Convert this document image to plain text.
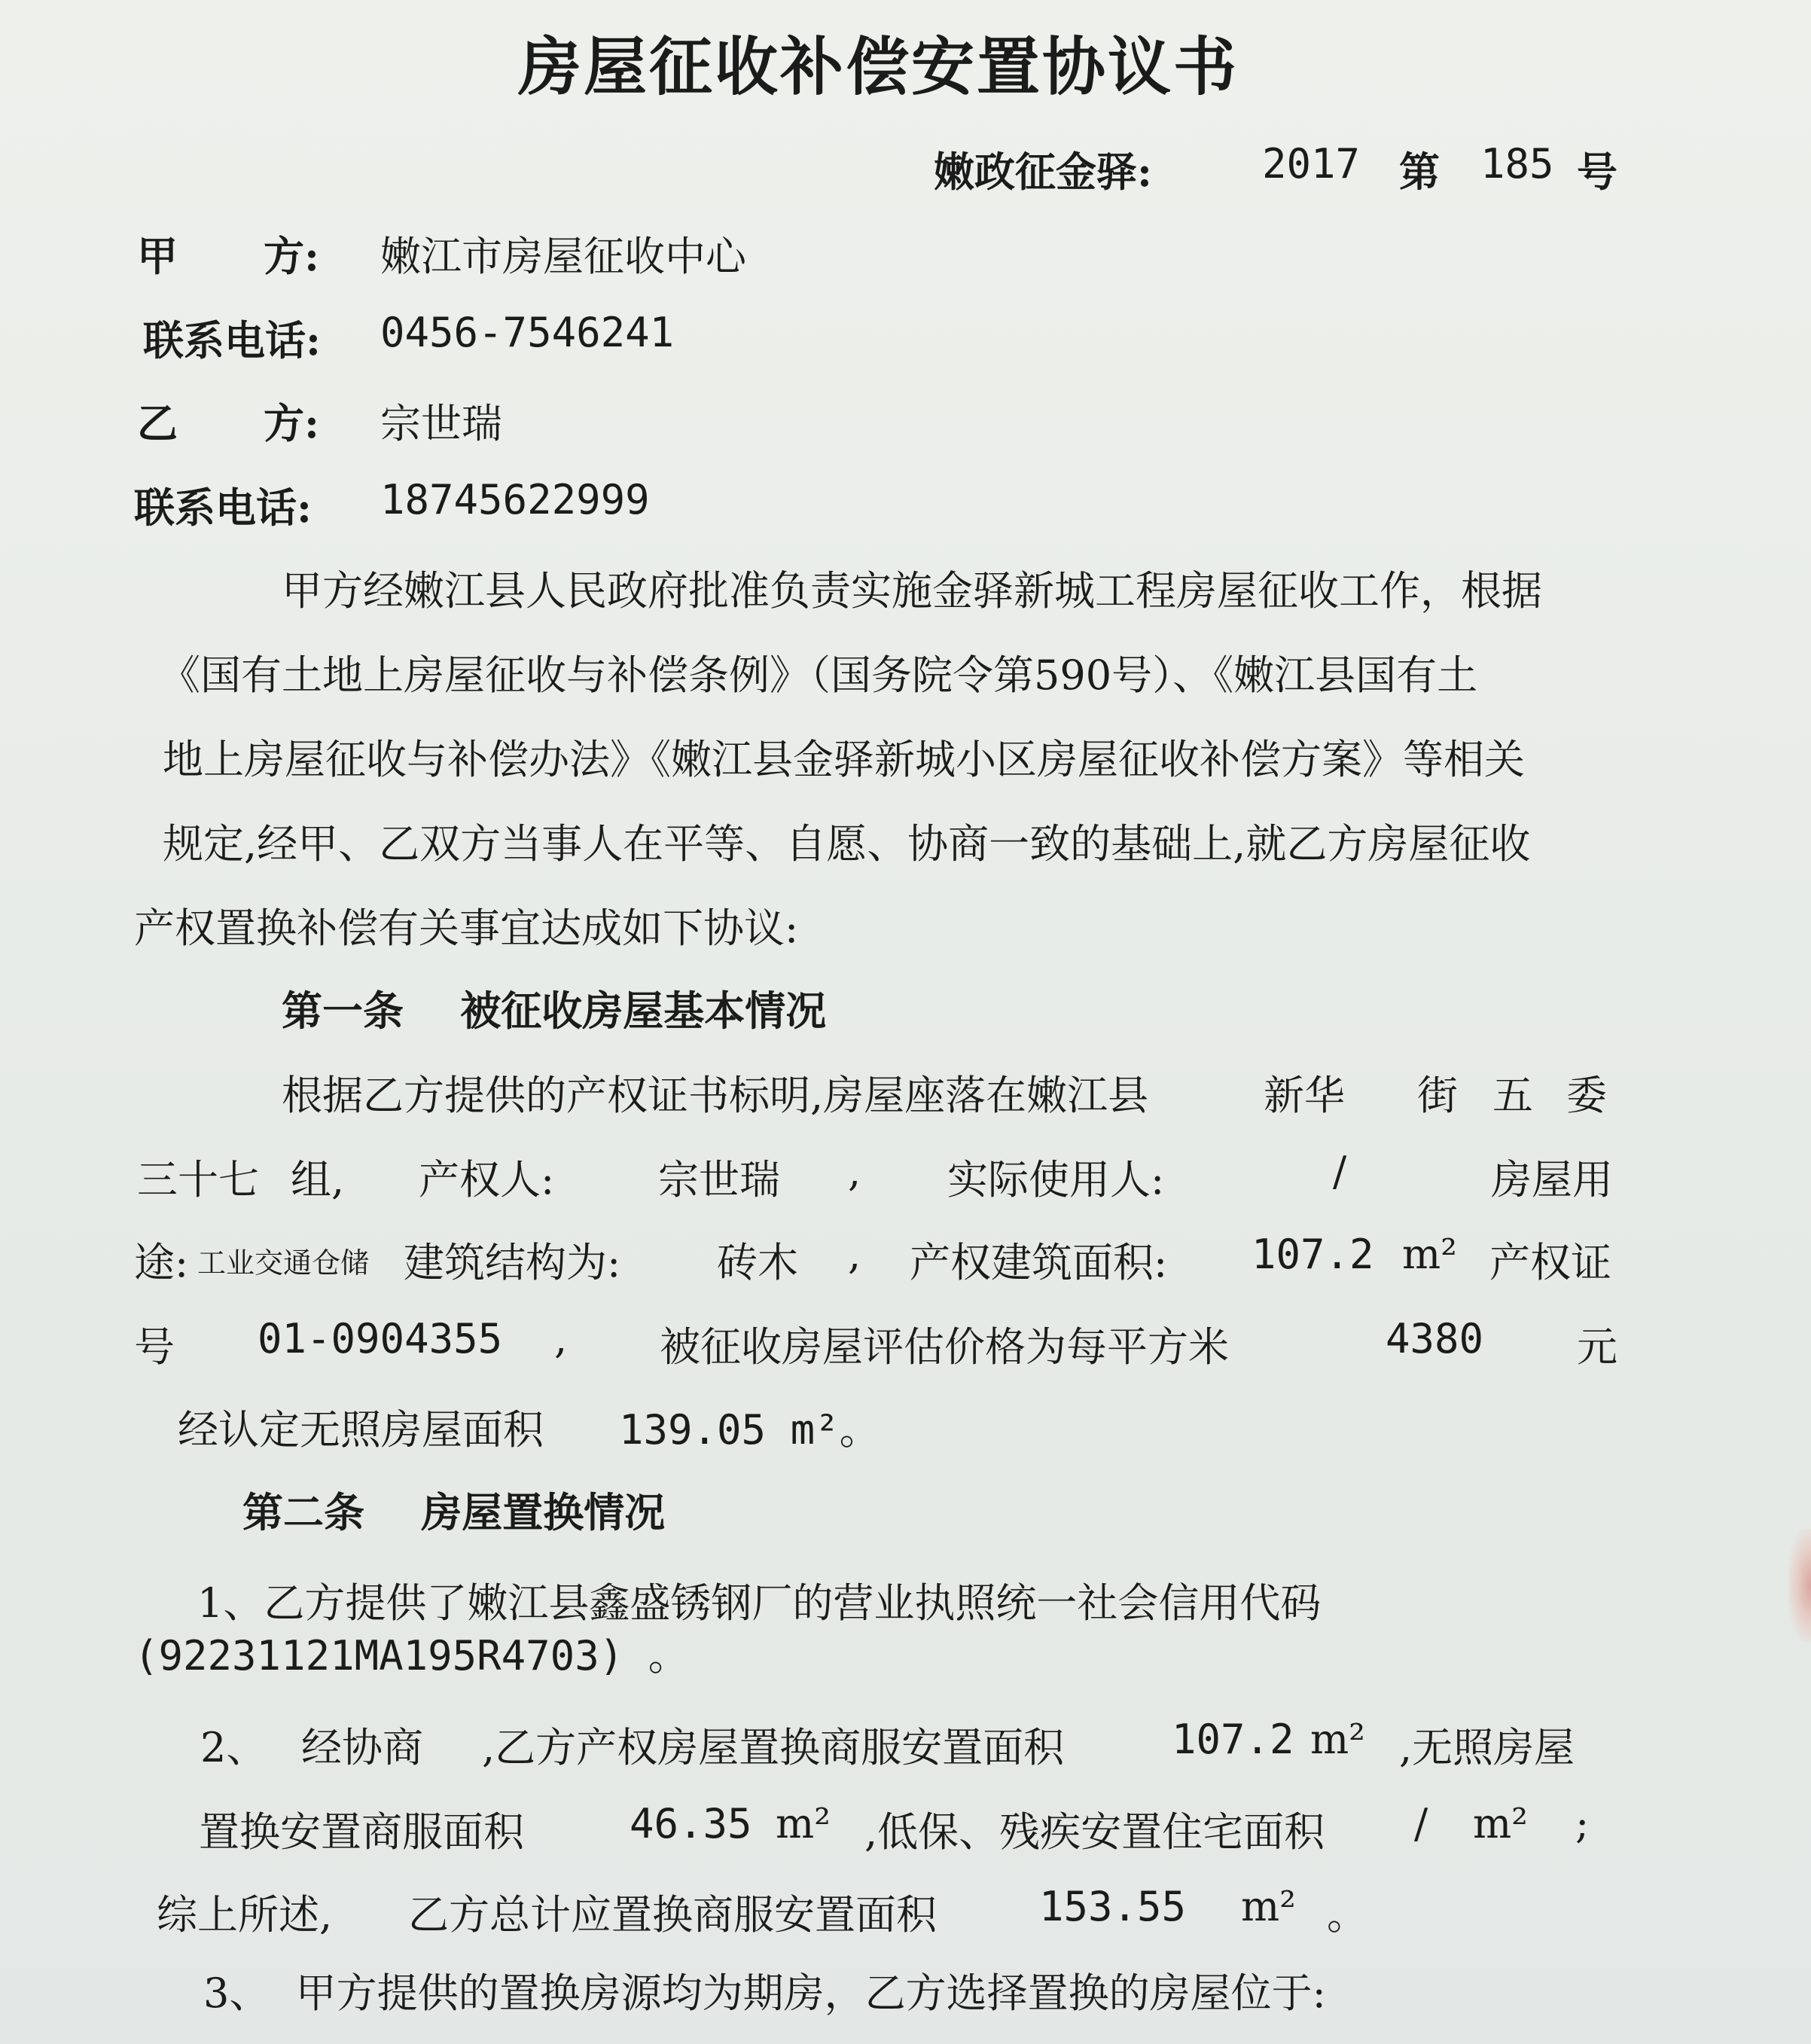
房屋征收补偿安置协议书
嫩政征金驿:	2017 第 185 号
甲 方: 嫩江市房屋征收中心
联系电话: 0456-7546241
乙 方: 宗世瑞
联系电话: 18745622999
甲方经嫩江县人民政府批准负责实施金驿新城工程房屋征收工作，根据
《国有土地上房屋征收与补偿条例》（国务院令第590号）、《嫩江县国有土
地上房屋征收与补偿办法》《嫩江县金驿新城小区房屋征收补偿方案》等相关
规定,经甲、乙双方当事人在平等、自愿、协商一致的基础上,就乙方房屋征收
产权置换补偿有关事宜达成如下协议:
第一条    被征收房屋基本情况
根据乙方提供的产权证书标明,房屋座落在嫩江县	新华 街 五 委
三十七 组, 产权人:	宗世瑞 , 实际使用人:	/	房屋用
途: 工业交通仓储 建筑结构为: 砖木 , 产权建筑面积: 107.2 m² 产权证
号 01-0904355 , 被征收房屋评估价格为每平方米	4380 元
经认定无照房屋面积 139.05 m²。
第二条    房屋置换情况
1、乙方提供了嫩江县鑫盛锈钢厂的营业执照统一社会信用代码
(92231121MA195R4703) 。
2、 经协商 ,乙方产权房屋置换商服安置面积	107.2 m² ,无照房屋
置换安置商服面积	46.35 m² ,低保、残疾安置住宅面积 / m² ;
综上所述, 乙方总计应置换商服安置面积	153.55 m² 。
3、  甲方提供的置换房源均为期房，乙方选择置换的房屋位于:
